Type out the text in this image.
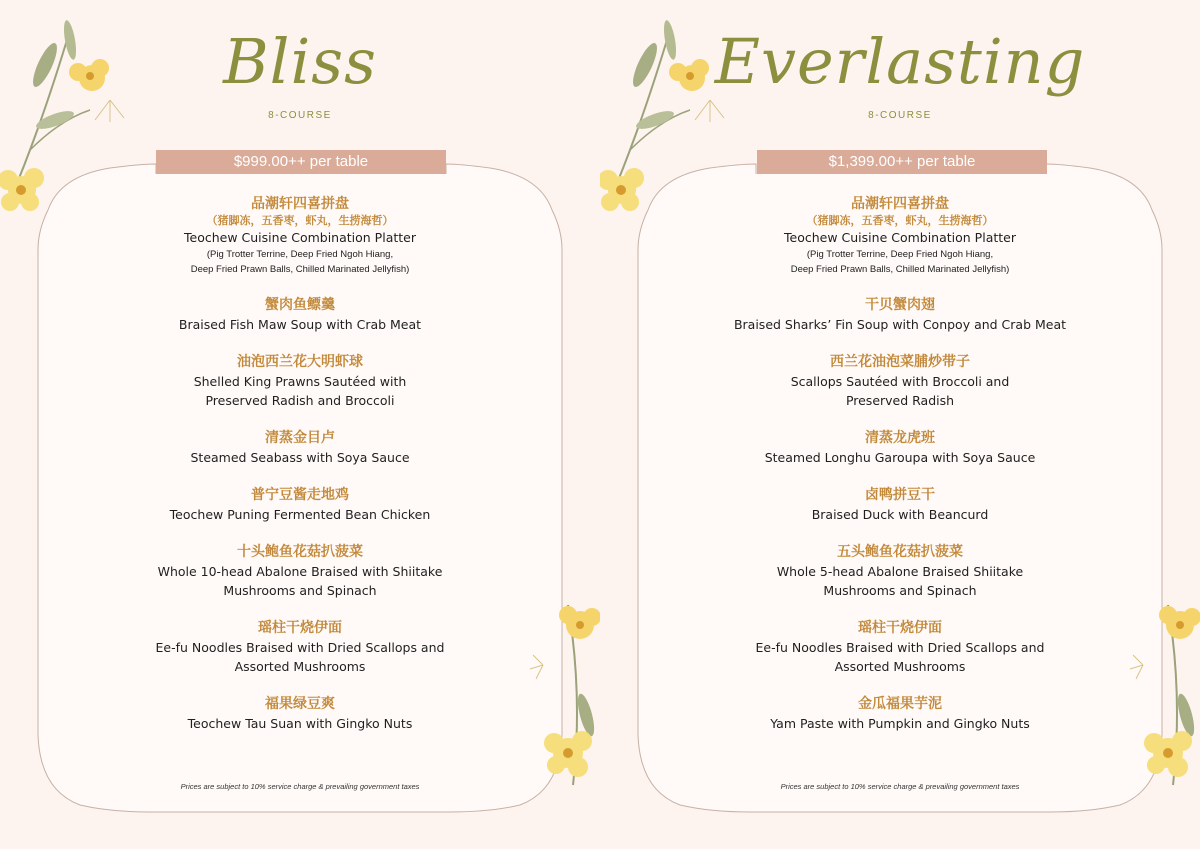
Bliss
8-COURSE
$999.00++ per table
品潮轩四喜拼盘
（猪脚冻，五香枣，虾丸，生捞海哲）
Teochew Cuisine Combination Platter
(Pig Trotter Terrine, Deep Fried Ngoh Hiang,
Deep Fried Prawn Balls, Chilled Marinated Jellyfish)
蟹肉鱼鳔羹
Braised Fish Maw Soup with Crab Meat
油泡西兰花大明虾球
Shelled King Prawns Sautéed with
Preserved Radish and Broccoli
清蒸金目卢
Steamed Seabass with Soya Sauce
普宁豆酱走地鸡
Teochew Puning Fermented Bean Chicken
十头鲍鱼花菇扒菠菜
Whole 10-head Abalone Braised with Shiitake
Mushrooms and Spinach
瑶柱干烧伊面
Ee-fu Noodles Braised with Dried Scallops and
Assorted Mushrooms
福果绿豆爽
Teochew Tau Suan with Gingko Nuts
Prices are subject to 10% service charge & prevailing government taxes
Everlasting
8-COURSE
$1,399.00++ per table
品潮轩四喜拼盘
（猪脚冻，五香枣，虾丸，生捞海哲）
Teochew Cuisine Combination Platter
(Pig Trotter Terrine, Deep Fried Ngoh Hiang,
Deep Fried Prawn Balls, Chilled Marinated Jellyfish)
干贝蟹肉翅
Braised Sharks’ Fin Soup with Conpoy and Crab Meat
西兰花油泡菜脯炒带子
Scallops Sautéed with Broccoli and
Preserved Radish
清蒸龙虎班
Steamed Longhu Garoupa with Soya Sauce
卤鸭拼豆干
Braised Duck with Beancurd
五头鲍鱼花菇扒菠菜
Whole 5-head Abalone Braised Shiitake
Mushrooms and Spinach
瑶柱干烧伊面
Ee-fu Noodles Braised with Dried Scallops and
Assorted Mushrooms
金瓜福果芋泥
Yam Paste with Pumpkin and Gingko Nuts
Prices are subject to 10% service charge & prevailing government taxes
